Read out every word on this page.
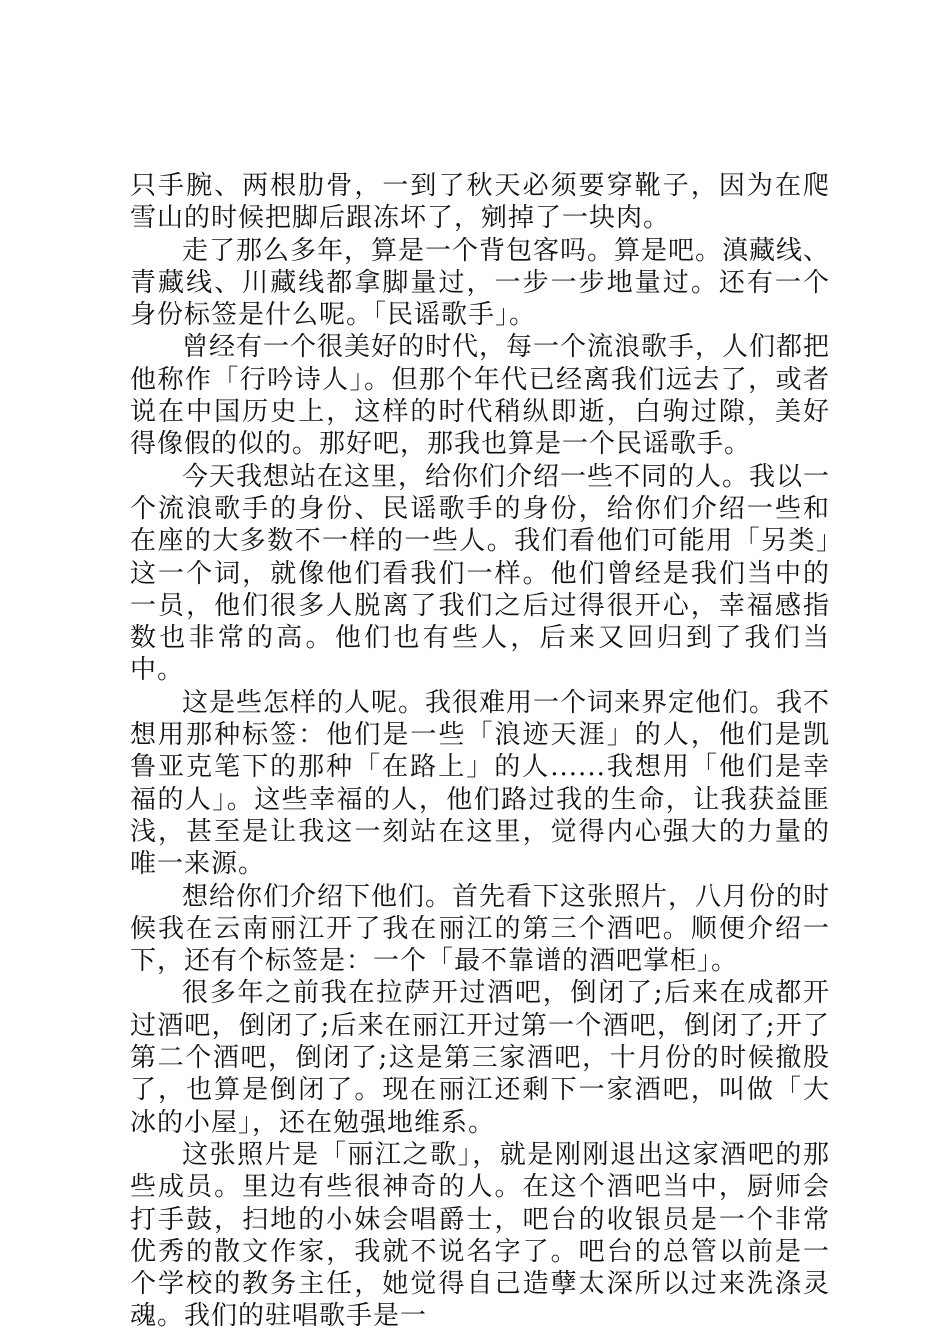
只手腕、两根肋骨，一到了秋天必须要穿靴子，因为在爬雪山的时候把脚后跟冻坏了，剜掉了一块肉。

走了那么多年，算是一个背包客吗。算是吧。滇藏线、青藏线、川藏线都拿脚量过，一步一步地量过。还有一个身份标签是什么呢。「民谣歌手」。

曾经有一个很美好的时代，每一个流浪歌手，人们都把他称作「行吟诗人」。但那个年代已经离我们远去了，或者说在中国历史上，这样的时代稍纵即逝，白驹过隙，美好得像假的似的。那好吧，那我也算是一个民谣歌手。

今天我想站在这里，给你们介绍一些不同的人。我以一个流浪歌手的身份、民谣歌手的身份，给你们介绍一些和在座的大多数不一样的一些人。我们看他们可能用「另类」这一个词，就像他们看我们一样。他们曾经是我们当中的一员，他们很多人脱离了我们之后过得很开心，幸福感指数也非常的高。他们也有些人，后来又回归到了我们当中。

这是些怎样的人呢。我很难用一个词来界定他们。我不想用那种标签：他们是一些「浪迹天涯」的人，他们是凯鲁亚克笔下的那种「在路上」的人......我想用「他们是幸福的人」。这些幸福的人，他们路过我的生命，让我获益匪浅，甚至是让我这一刻站在这里，觉得内心强大的力量的唯一来源。

想给你们介绍下他们。首先看下这张照片，八月份的时候我在云南丽江开了我在丽江的第三个酒吧。顺便介绍一下，还有个标签是：一个「最不靠谱的酒吧掌柜」。

很多年之前我在拉萨开过酒吧，倒闭了;后来在成都开过酒吧，倒闭了;后来在丽江开过第一个酒吧，倒闭了;开了第二个酒吧，倒闭了;这是第三家酒吧，十月份的时候撤股了，也算是倒闭了。现在丽江还剩下一家酒吧，叫做「大冰的小屋」，还在勉强地维系。

这张照片是「丽江之歌」，就是刚刚退出这家酒吧的那些成员。里边有些很神奇的人。在这个酒吧当中，厨师会打手鼓，扫地的小妹会唱爵士，吧台的收银员是一个非常优秀的散文作家，我就不说名字了。吧台的总管以前是一个学校的教务主任，她觉得自己造孽太深所以过来洗涤灵魂。我们的驻唱歌手是一
